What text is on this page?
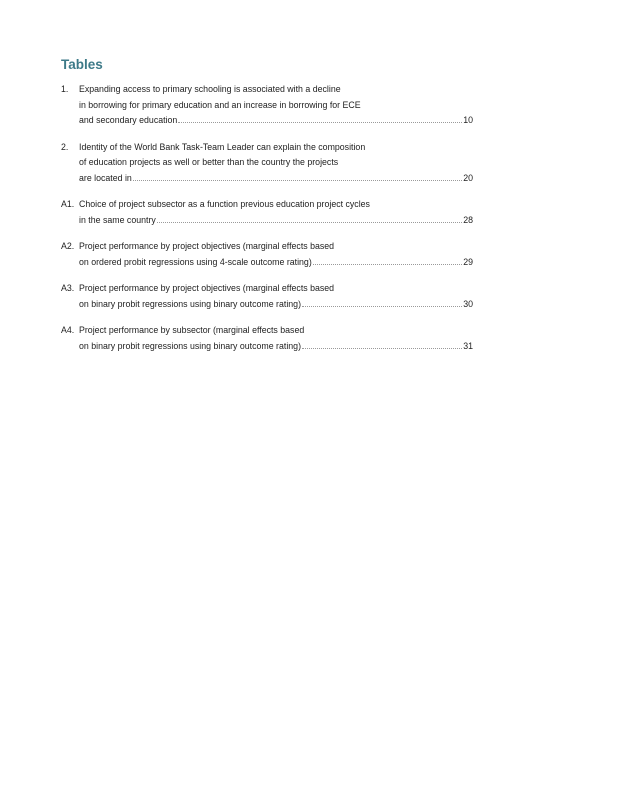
Tables
1.	Expanding access to primary schooling is associated with a decline
in borrowing for primary education and an increase in borrowing for ECE
and secondary education	10
2.	Identity of the World Bank Task-Team Leader can explain the composition
of education projects as well or better than the country the projects
are located in	20
A1. Choice of project subsector as a function previous education project cycles
in the same country	28
A2. Project performance by project objectives (marginal effects based
on ordered probit regressions using 4-scale outcome rating)	29
A3. Project performance by project objectives (marginal effects based
on binary probit regressions using binary outcome rating)	30
A4. Project performance by subsector (marginal effects based
on binary probit regressions using binary outcome rating)	31
